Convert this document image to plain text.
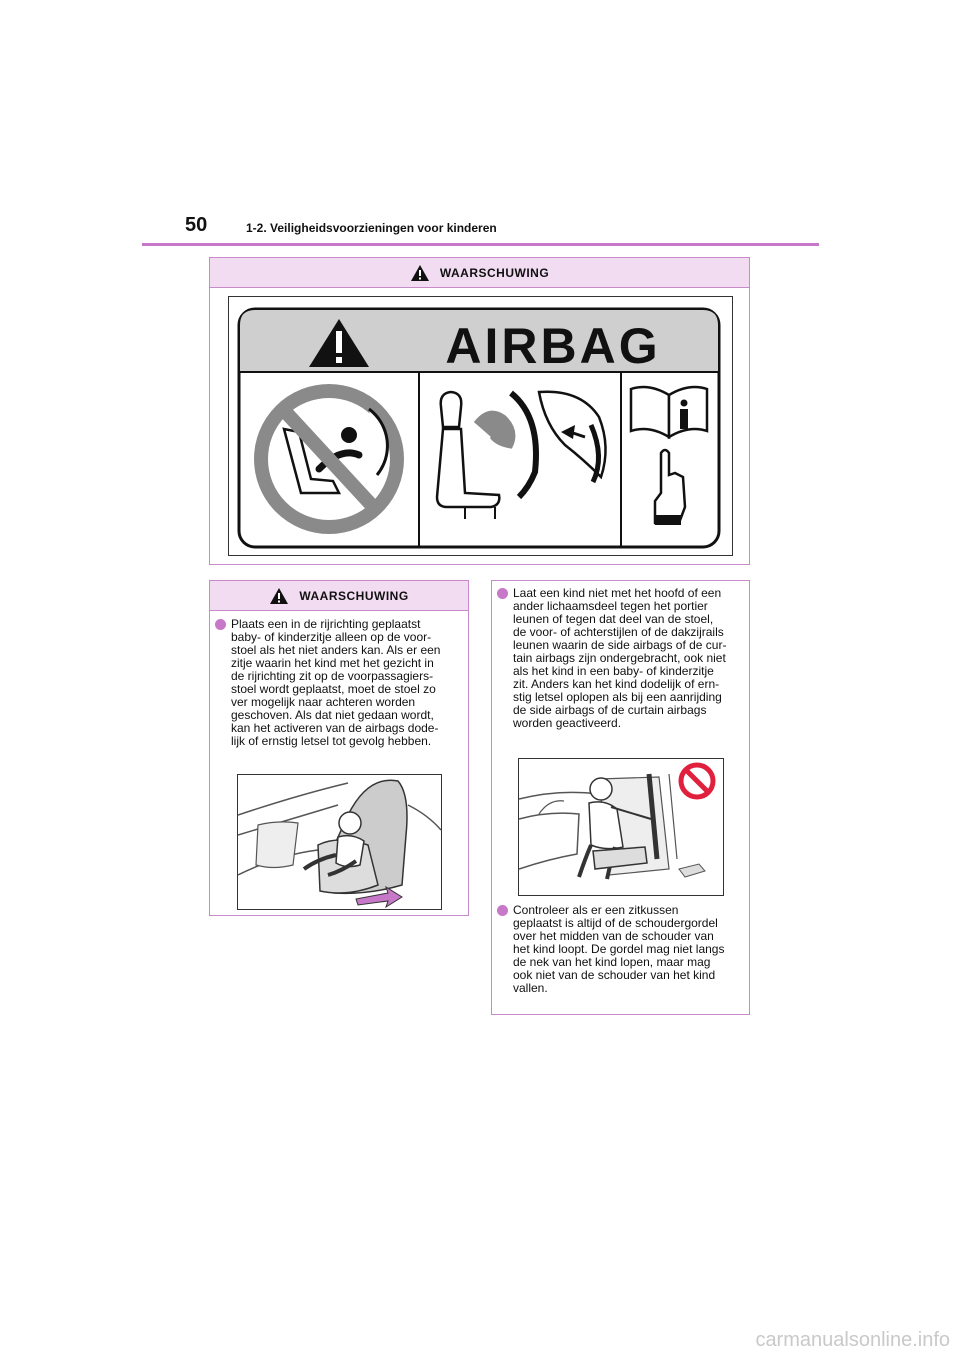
50	1-2. Veiligheidsvoorzieningen voor kinderen
WAARSCHUWING
AIRBAG
WAARSCHUWING
Plaats een in de rijrichting geplaatst
baby- of kinderzitje alleen op de voor-
stoel als het niet anders kan. Als er een
zitje waarin het kind met het gezicht in
de rijrichting zit op de voorpassagiers-
stoel wordt geplaatst, moet de stoel zo
ver mogelijk naar achteren worden
geschoven. Als dat niet gedaan wordt,
kan het activeren van de airbags dode-
lijk of ernstig letsel tot gevolg hebben.
Laat een kind niet met het hoofd of een
ander lichaamsdeel tegen het portier
leunen of tegen dat deel van de stoel,
de voor- of achterstijlen of de dakzijrails
leunen waarin de side airbags of de cur-
tain airbags zijn ondergebracht, ook niet
als het kind in een baby- of kinderzitje
zit. Anders kan het kind dodelijk of ern-
stig letsel oplopen als bij een aanrijding
de side airbags of de curtain airbags
worden geactiveerd.
Controleer als er een zitkussen
geplaatst is altijd of de schoudergordel
over het midden van de schouder van
het kind loopt. De gordel mag niet langs
de nek van het kind lopen, maar mag
ook niet van de schouder van het kind
vallen.
carmanualsonline.info
